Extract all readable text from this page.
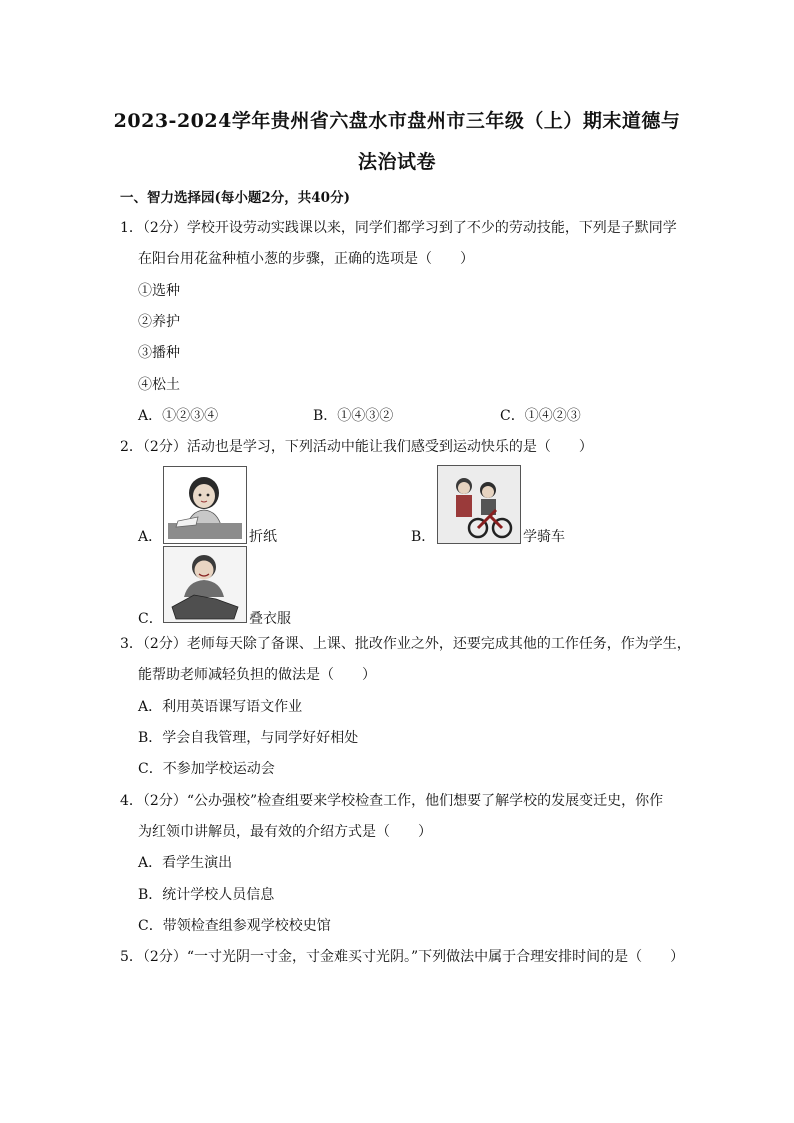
2023-2024学年贵州省六盘水市盘州市三年级（上）期末道德与
法治试卷
一、智力选择园(每小题2分，共40分)
1．（2分）学校开设劳动实践课以来，同学们都学习到了不少的劳动技能，下列是子默同学
在阳台用花盆种植小葱的步骤，正确的选项是（　　）
①选种
②养护
③播种
④松土
A．①②③④	B．①④③②	C．①④②③
2．（2分）活动也是学习，下列活动中能让我们感受到运动快乐的是（　　）
A．	折纸	B．	学骑车
C．	叠衣服
3．（2分）老师每天除了备课、上课、批改作业之外，还要完成其他的工作任务，作为学生，
能帮助老师减轻负担的做法是（　　）
A．利用英语课写语文作业
B．学会自我管理，与同学好好相处
C．不参加学校运动会
4．（2分）“公办强校”检查组要来学校检查工作，他们想要了解学校的发展变迁史，你作
为红领巾讲解员，最有效的介绍方式是（　　）
A．看学生演出
B．统计学校人员信息
C．带领检查组参观学校校史馆
5．（2分）“一寸光阴一寸金，寸金难买寸光阴。”下列做法中属于合理安排时间的是（　　）
